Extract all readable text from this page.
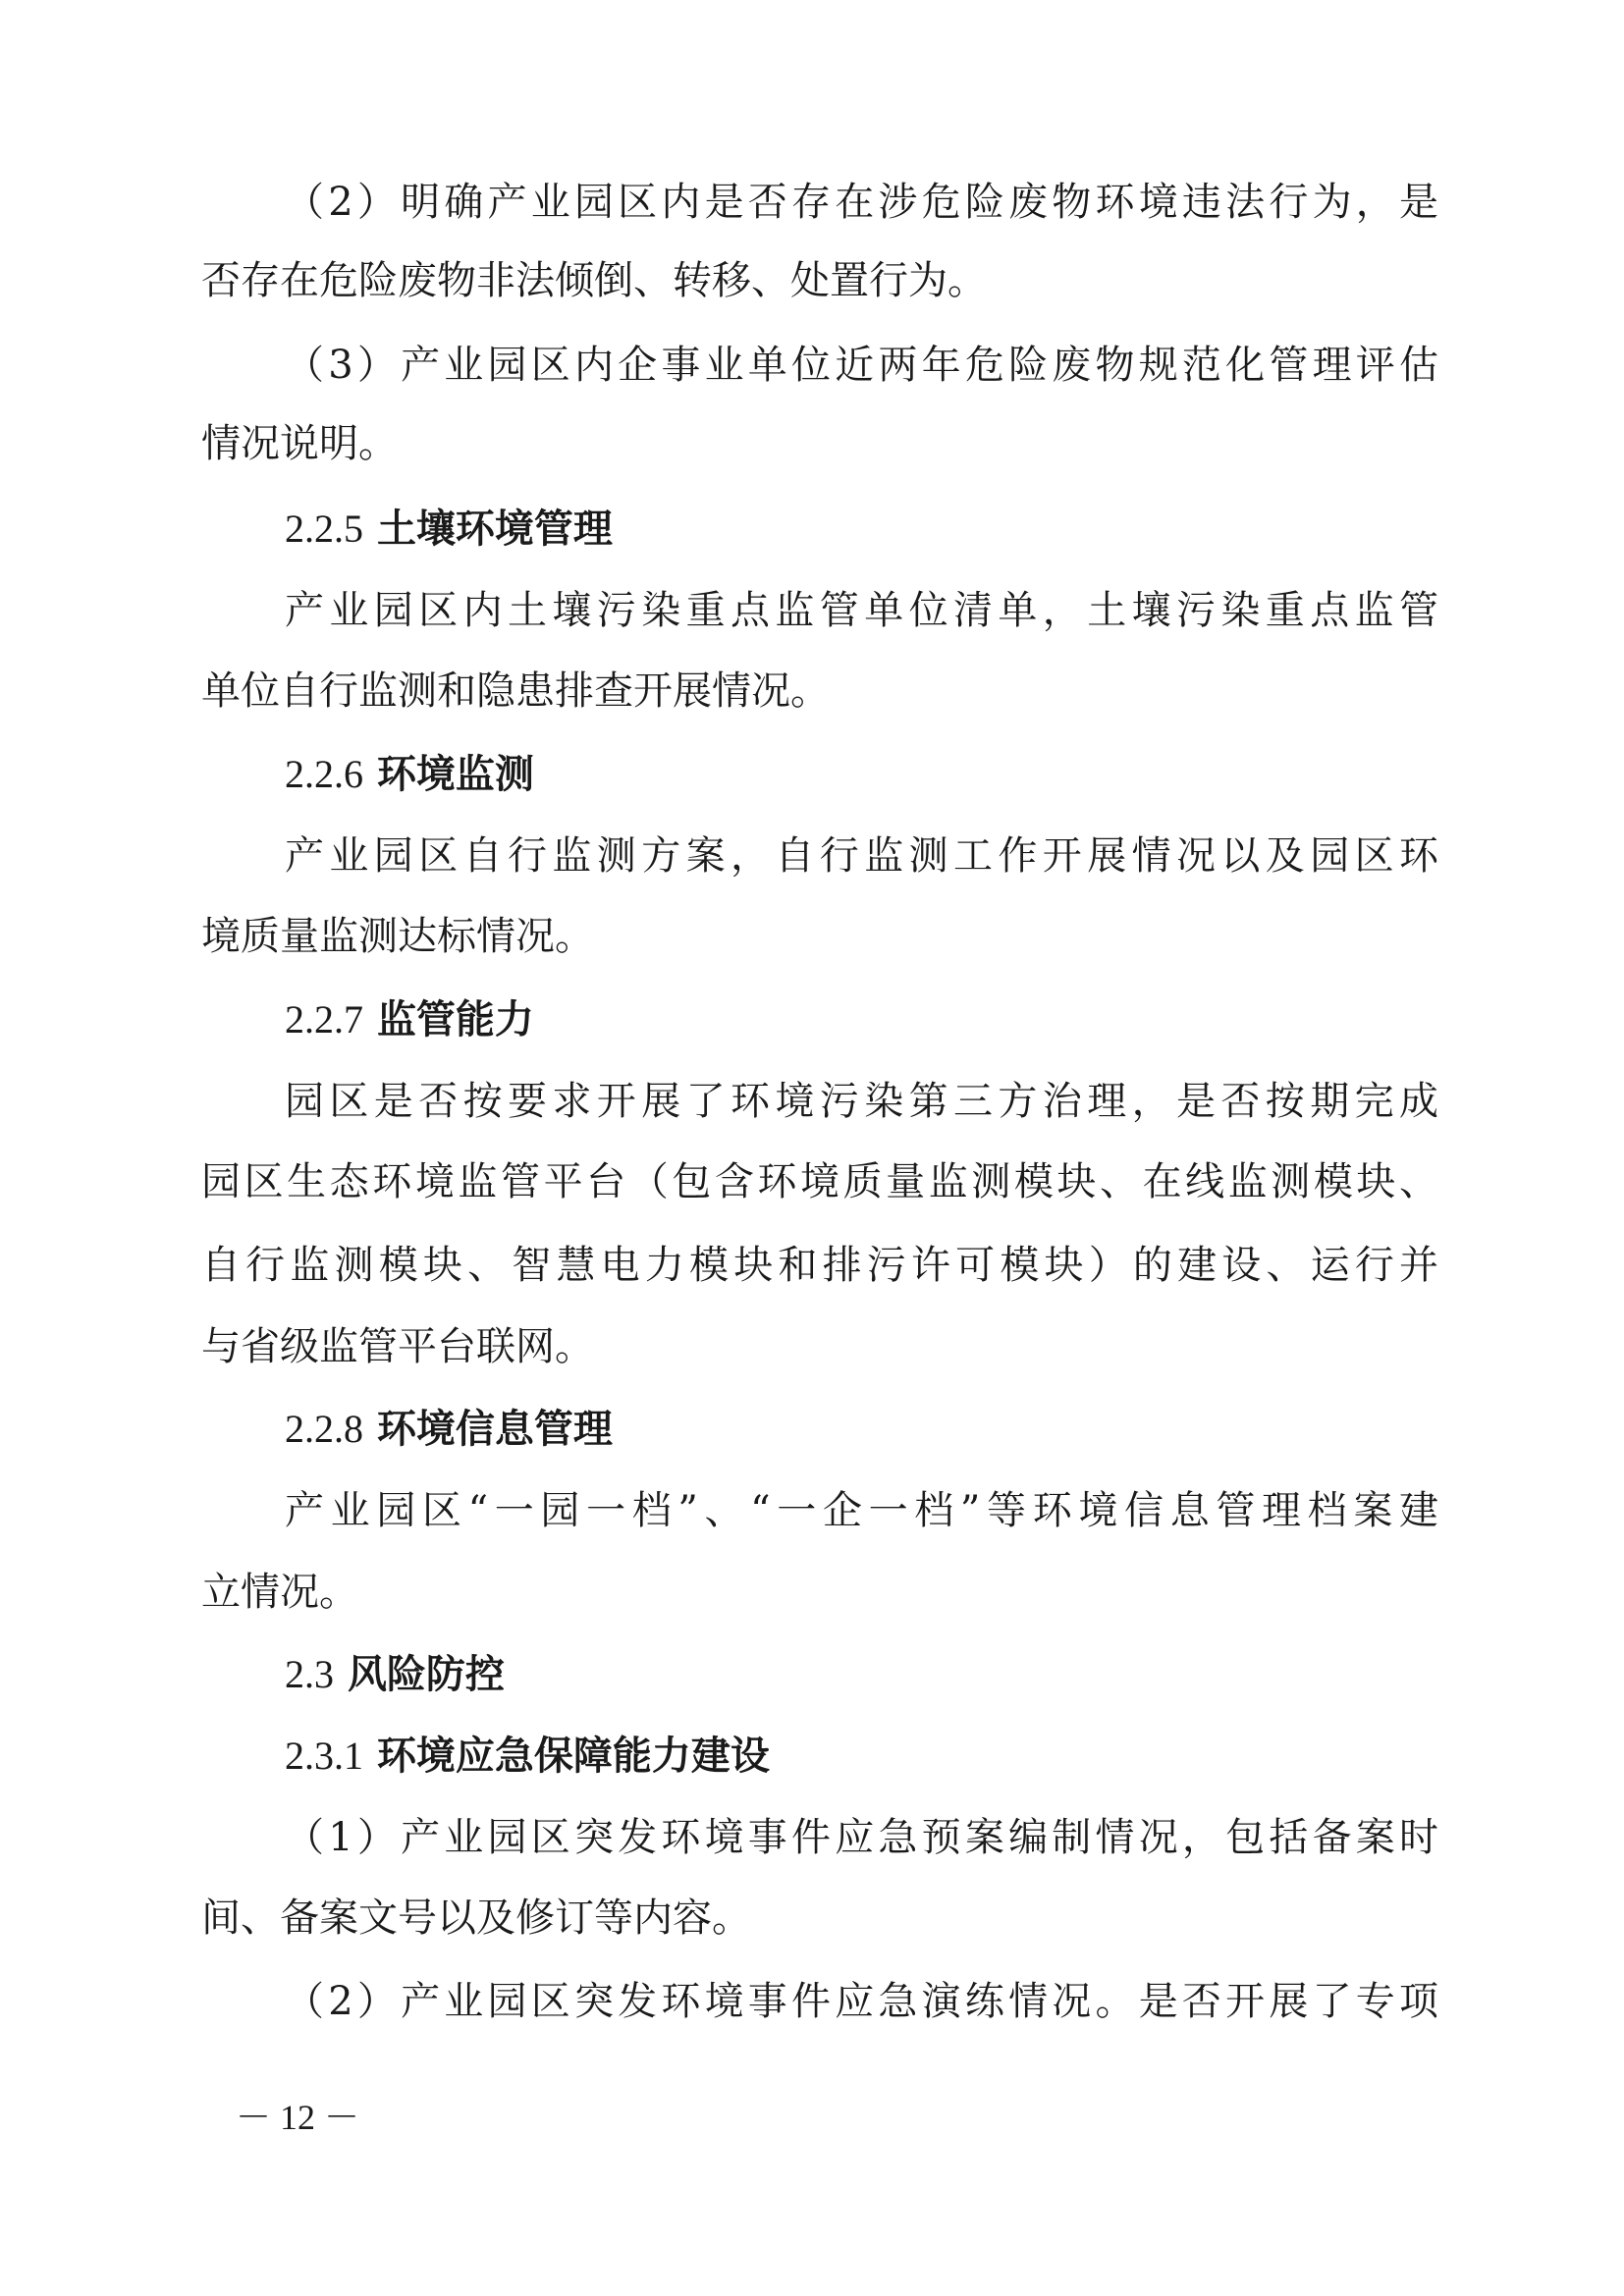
（2）明确产业园区内是否存在涉危险废物环境违法行为，是
否存在危险废物非法倾倒、转移、处置行为。
（3）产业园区内企事业单位近两年危险废物规范化管理评估
情况说明。
2.2.5 土壤环境管理
产业园区内土壤污染重点监管单位清单，土壤污染重点监管
单位自行监测和隐患排查开展情况。
2.2.6 环境监测
产业园区自行监测方案，自行监测工作开展情况以及园区环
境质量监测达标情况。
2.2.7 监管能力
园区是否按要求开展了环境污染第三方治理，是否按期完成
园区生态环境监管平台（包含环境质量监测模块、在线监测模块、
自行监测模块、智慧电力模块和排污许可模块）的建设、运行并
与省级监管平台联网。
2.2.8 环境信息管理
产业园区“一园一档”、“一企一档”等环境信息管理档案建
立情况。
2.3 风险防控
2.3.1 环境应急保障能力建设
（1）产业园区突发环境事件应急预案编制情况，包括备案时
间、备案文号以及修订等内容。
（2）产业园区突发环境事件应急演练情况。是否开展了专项
－ 12 －
